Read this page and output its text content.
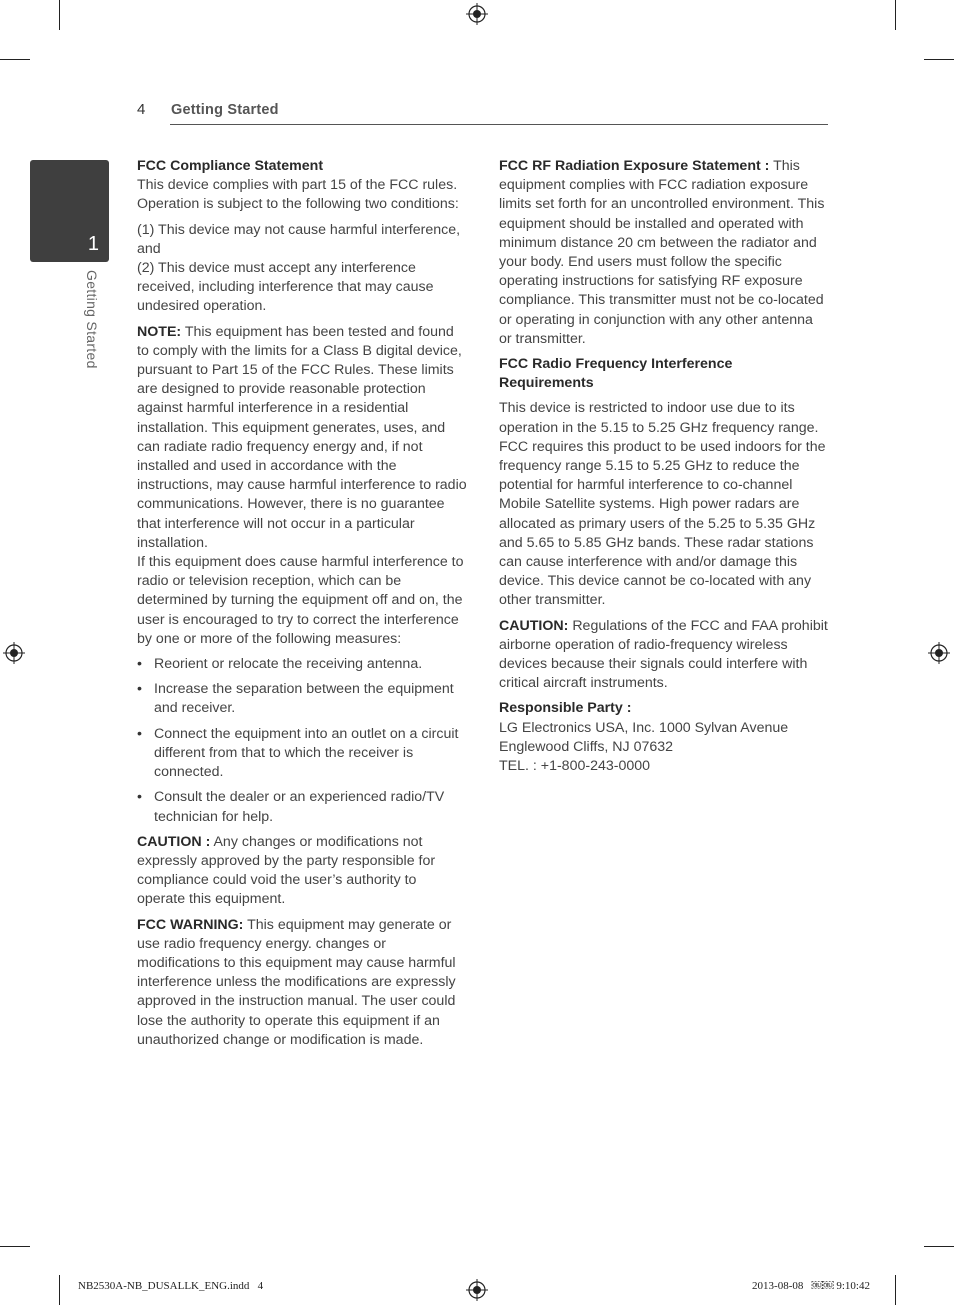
4 Getting Started
1
Getting Started

FCC Compliance Statement

This device complies with part 15 of the FCC rules. Operation is subject to the following two conditions:

(1) This device may not cause harmful interference, and

(2) This device must accept any interference received, including interference that may cause undesired operation.

NOTE: This equipment has been tested and found to comply with the limits for a Class B digital device, pursuant to Part 15 of the FCC Rules. These limits are designed to provide reasonable protection against harmful interference in a residential installation. This equipment generates, uses, and can radiate radio frequency energy and, if not installed and used in accordance with the instructions, may cause harmful interference to radio communications. However, there is no guarantee that interference will not occur in a particular installation.

If this equipment does cause harmful interference to radio or television reception, which can be determined by turning the equipment off and on, the user is encouraged to try to correct the interference by one or more of the following measures:

• Reorient or relocate the receiving antenna.
• Increase the separation between the equipment and receiver.
• Connect the equipment into an outlet on a circuit different from that to which the receiver is connected.
• Consult the dealer or an experienced radio/TV technician for help.

CAUTION : Any changes or modifications not expressly approved by the party responsible for compliance could void the user’s authority to operate this equipment.

FCC WARNING: This equipment may generate or use radio frequency energy. changes or modifications to this equipment may cause harmful interference unless the modifications are expressly approved in the instruction manual. The user could lose the authority to operate this equipment if an unauthorized change or modification is made.

FCC RF Radiation Exposure Statement : This equipment complies with FCC radiation exposure limits set forth for an uncontrolled environment. This equipment should be installed and operated with minimum distance 20 cm between the radiator and your body. End users must follow the specific operating instructions for satisfying RF exposure compliance. This transmitter must not be co-located or operating in conjunction with any other antenna or transmitter.

FCC Radio Frequency Interference Requirements

This device is restricted to indoor use due to its operation in the 5.15 to 5.25 GHz frequency range. FCC requires this product to be used indoors for the frequency range 5.15 to 5.25 GHz to reduce the potential for harmful interference to co-channel Mobile Satellite systems. High power radars are allocated as primary users of the 5.25 to 5.35 GHz and 5.65 to 5.85 GHz bands. These radar stations can cause interference with and/or damage this device. This device cannot be co-located with any other transmitter.

CAUTION: Regulations of the FCC and FAA prohibit airborne operation of radio-frequency wireless devices because their signals could interfere with critical aircraft instruments.

Responsible Party :

LG Electronics USA, Inc. 1000 Sylvan Avenue

Englewood Cliffs, NJ 07632

TEL. : +1-800-243-0000

NB2530A-NB_DUSALLK_ENG.indd   4	2013-08-08   ￼￼ 9:10:42
